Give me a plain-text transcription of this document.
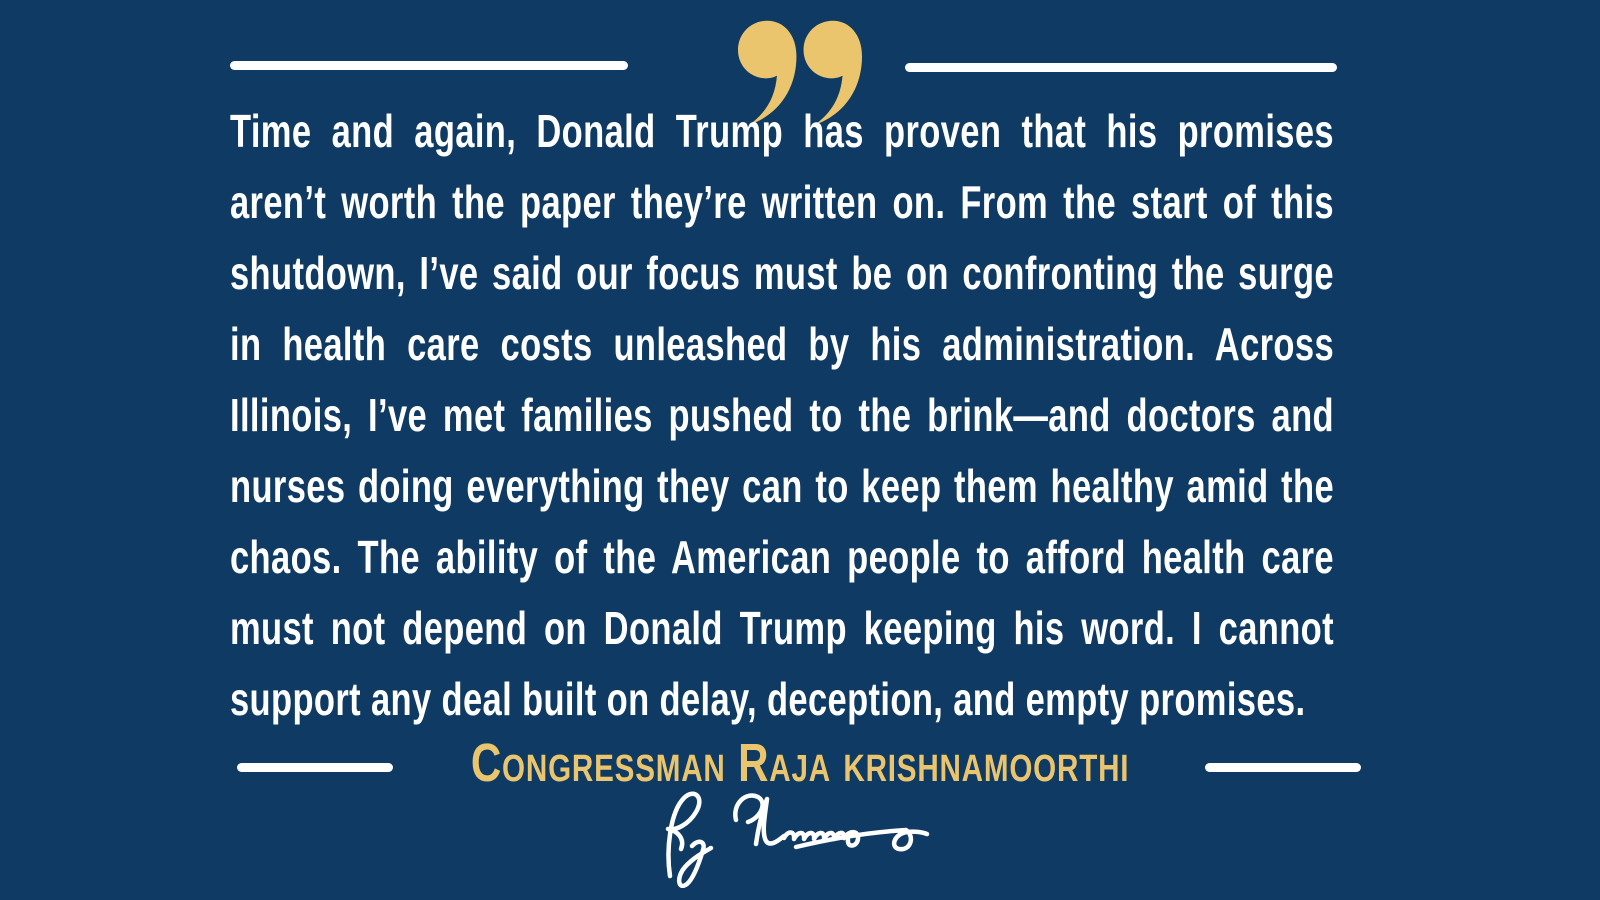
Time and again, Donald Trump has proven that his promises
aren’t worth the paper they’re written on. From the start of this
shutdown, I’ve said our focus must be on confronting the surge
in health care costs unleashed by his administration. Across
Illinois, I’ve met families pushed to the brink—and doctors and
nurses doing everything they can to keep them healthy amid the
chaos. The ability of the American people to afford health care
must not depend on Donald Trump keeping his word. I cannot
support any deal built on delay, deception, and empty promises.
Congressman Raja krishnamoorthi
